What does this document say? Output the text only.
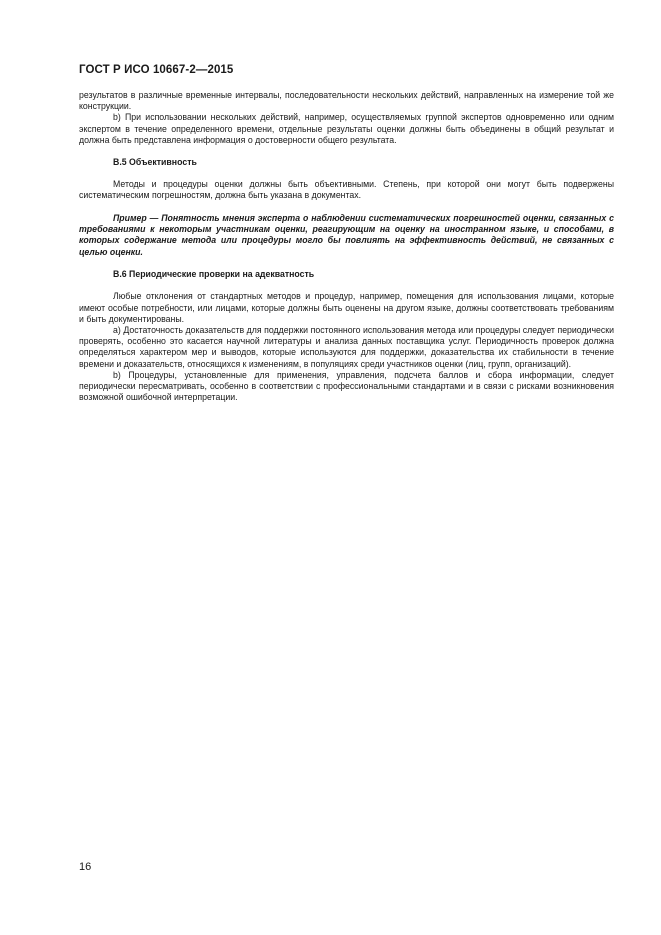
ГОСТ Р ИСО 10667-2—2015

результатов в различные временные интервалы, последовательности нескольких действий, направленных на измерение той же конструкции.

b) При использовании нескольких действий, например, осуществляемых группой экспертов одновременно или одним экспертом в течение определенного времени, отдельные результаты оценки должны быть объединены в общий результат и должна быть представлена информация о достоверности общего результата.

B.5 Объективность

Методы и процедуры оценки должны быть объективными. Степень, при которой они могут быть подвержены систематическим погрешностям, должна быть указана в документах.

Пример — Понятность мнения эксперта о наблюдении систематических погрешностей оценки, связанных с требованиями к некоторым участникам оценки, реагирующим на оценку на иностранном языке, и способами, в которых содержание метода или процедуры могло бы повлиять на эффективность действий, не связанных с целью оценки.

B.6 Периодические проверки на адекватность

Любые отклонения от стандартных методов и процедур, например, помещения для использования лицами, которые имеют особые потребности, или лицами, которые должны быть оценены на другом языке, должны соответствовать требованиям и быть документированы.

a) Достаточность доказательств для поддержки постоянного использования метода или процедуры следует периодически проверять, особенно это касается научной литературы и анализа данных поставщика услуг. Периодичность проверок должна определяться характером мер и выводов, которые используются для поддержки, доказательства их стабильности в течение времени и доказательств, относящихся к изменениям, в популяциях среди участников оценки (лиц, групп, организаций).

b) Процедуры, установленные для применения, управления, подсчета баллов и сбора информации, следует периодически пересматривать, особенно в соответствии с профессиональными стандартами и в связи с рисками возникновения возможной ошибочной интерпретации.

16
